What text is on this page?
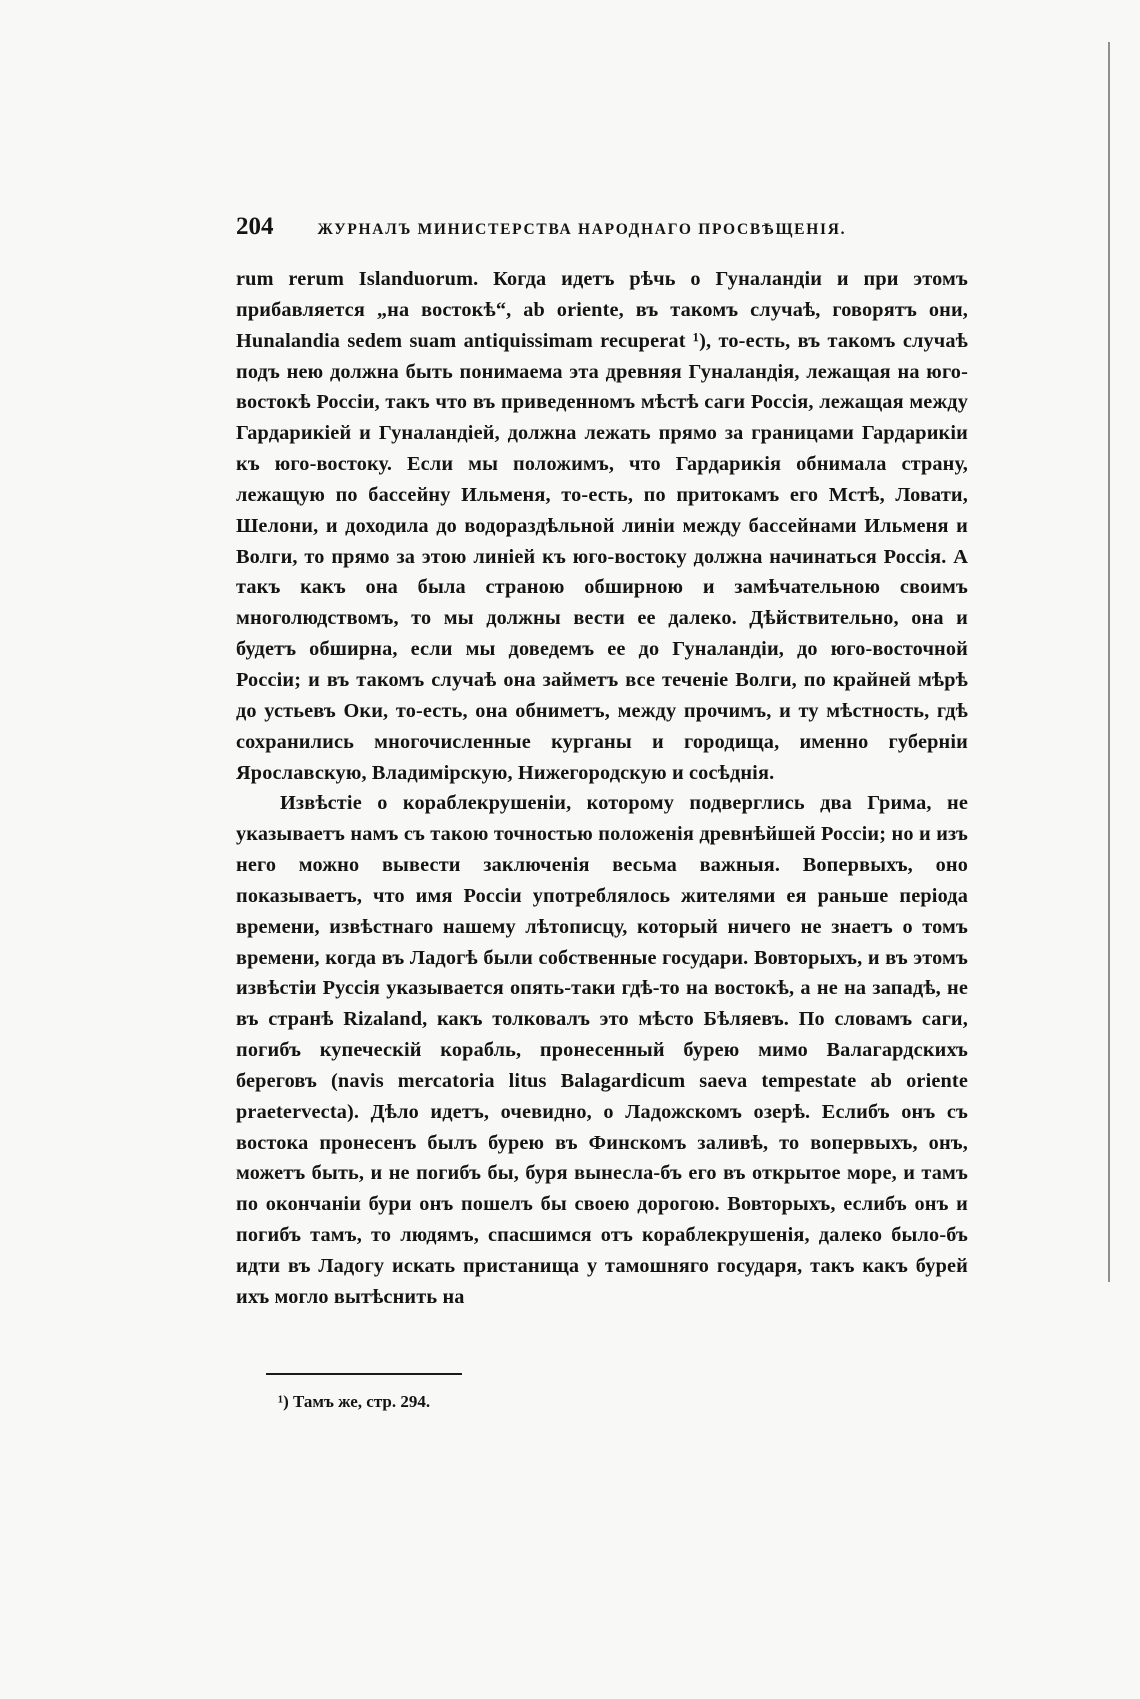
204	ЖУРНАЛЪ МИНИСТЕРСТВА НАРОДНАГО ПРОСВѢЩЕНІЯ.

rum rerum Islanduorum. Когда идетъ рѣчь о Гуналандіи и при этомъ прибавляется „на востокѣ“, ab oriente, въ такомъ случаѣ, говорятъ они, Hunalandia sedem suam antiquissimam recuperat ¹), то-есть, въ такомъ случаѣ подъ нею должна быть понимаема эта древняя Гуналандія, лежащая на юго-востокѣ Россіи, такъ что въ приведенномъ мѣстѣ саги Россія, лежащая между Гардарикіей и Гуналандіей, должна лежать прямо за границами Гардарикіи къ юго-востоку. Если мы положимъ, что Гардарикія обнимала страну, лежащую по бассейну Ильменя, то-есть, по притокамъ его Мстѣ, Ловати, Шелони, и доходила до водораздѣльной линіи между бассейнами Ильменя и Волги, то прямо за этою линіей къ юго-востоку должна начинаться Россія. А такъ какъ она была страною обширною и замѣчательною своимъ многолюдствомъ, то мы должны вести ее далеко. Дѣйствительно, она и будетъ обширна, если мы доведемъ ее до Гуналандіи, до юго-восточной Россіи; и въ такомъ случаѣ она займетъ все теченіе Волги, по крайней мѣрѣ до устьевъ Оки, то-есть, она обниметъ, между прочимъ, и ту мѣстность, гдѣ сохранились многочисленные курганы и городища, именно губерніи Ярославскую, Владимірскую, Нижегородскую и сосѣднія.

Извѣстіе о кораблекрушеніи, которому подверглись два Грима, не указываетъ намъ съ такою точностью положенія древнѣйшей Россіи; но и изъ него можно вывести заключенія весьма важныя. Вопервыхъ, оно показываетъ, что имя Россіи употреблялось жителями ея раньше періода времени, извѣстнаго нашему лѣтописцу, который ничего не знаетъ о томъ времени, когда въ Ладогѣ были собственные государи. Вовторыхъ, и въ этомъ извѣстіи Руссія указывается опять-таки гдѣ-то на востокѣ, а не на западѣ, не въ странѣ Rizaland, какъ толковалъ это мѣсто Бѣляевъ. По словамъ саги, погибъ купеческій корабль, пронесенный бурею мимо Валагардскихъ береговъ (navis mercatoria litus Balagardicum saeva tempestate ab oriente praetervecta). Дѣло идетъ, очевидно, о Ладожскомъ озерѣ. Еслибъ онъ съ востока пронесенъ былъ бурею въ Финскомъ заливѣ, то вопервыхъ, онъ, можетъ быть, и не погибъ бы, буря вынесла-бъ его въ открытое море, и тамъ по окончаніи бури онъ пошелъ бы своею дорогою. Вовторыхъ, еслибъ онъ и погибъ тамъ, то людямъ, спасшимся отъ кораблекрушенія, далеко было-бъ идти въ Ладогу искать пристанища у тамошняго государя, такъ какъ бурей ихъ могло вытѣснить на

¹) Тамъ же, стр. 294.
